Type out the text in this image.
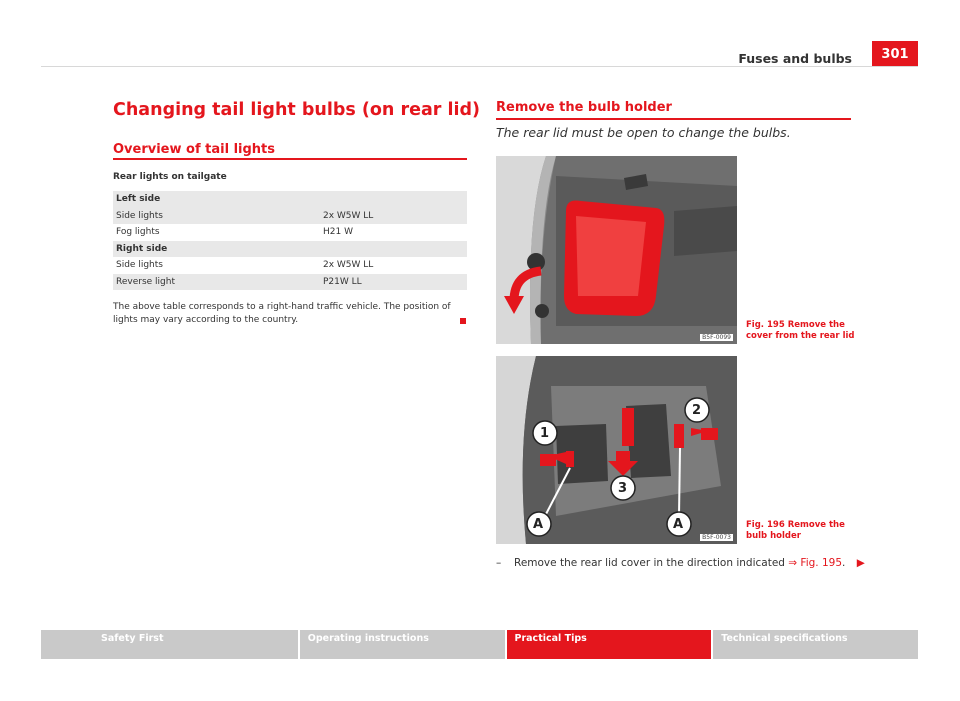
Fuses and bulbs	301
Changing tail light bulbs (on rear lid)
Overview of tail lights
Rear lights on tailgate
Left side
Side lights	2x W5W LL
Fog lights	H21 W
Right side
Side lights	2x W5W LL
Reverse light	P21W LL
The above table corresponds to a right-hand traffic vehicle. The position of lights may vary according to the country.
Remove the bulb holder
The rear lid must be open to change the bulbs.
B5F-0099
Fig. 195 Remove the cover from the rear lid
1
2
3
A	A
B5F-0073
Fig. 196 Remove the bulb holder
–	Remove the rear lid cover in the direction indicated ⇒ Fig. 195. ▶
Safety First	Operating instructions	Practical Tips	Technical specifications
